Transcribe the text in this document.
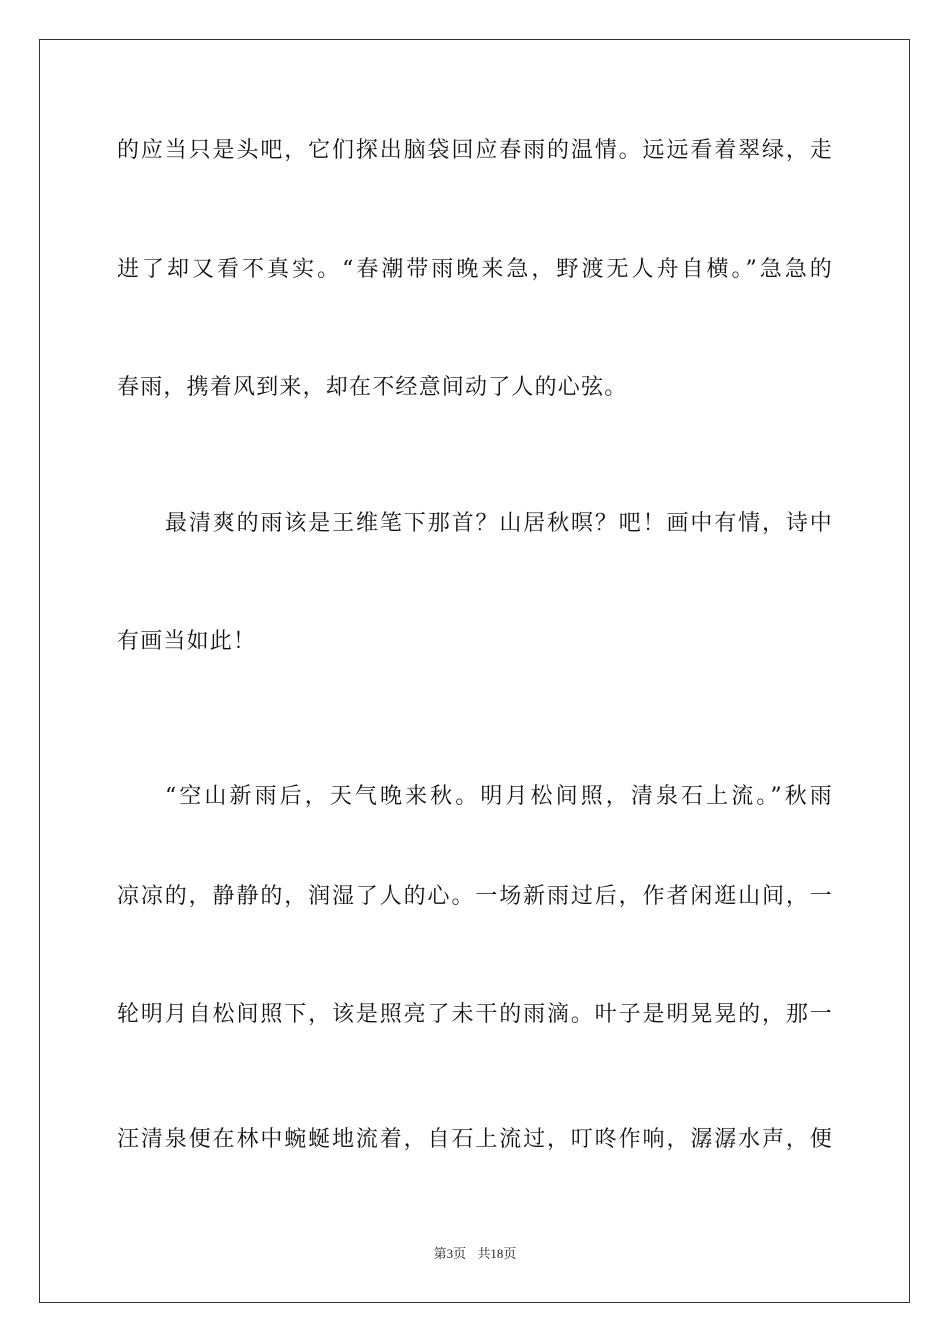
的应当只是头吧，它们探出脑袋回应春雨的温情。远远看着翠绿，走
进了却又看不真实。“春潮带雨晚来急，野渡无人舟自横。”急急的
春雨，携着风到来，却在不经意间动了人的心弦。
最清爽的雨该是王维笔下那首？山居秋暝？吧！画中有情，诗中
有画当如此！
“空山新雨后，天气晚来秋。明月松间照，清泉石上流。”秋雨
凉凉的，静静的，润湿了人的心。一场新雨过后，作者闲逛山间，一
轮明月自松间照下，该是照亮了未干的雨滴。叶子是明晃晃的，那一
汪清泉便在林中蜿蜒地流着，自石上流过，叮咚作响，潺潺水声，便
第3页 共18页
